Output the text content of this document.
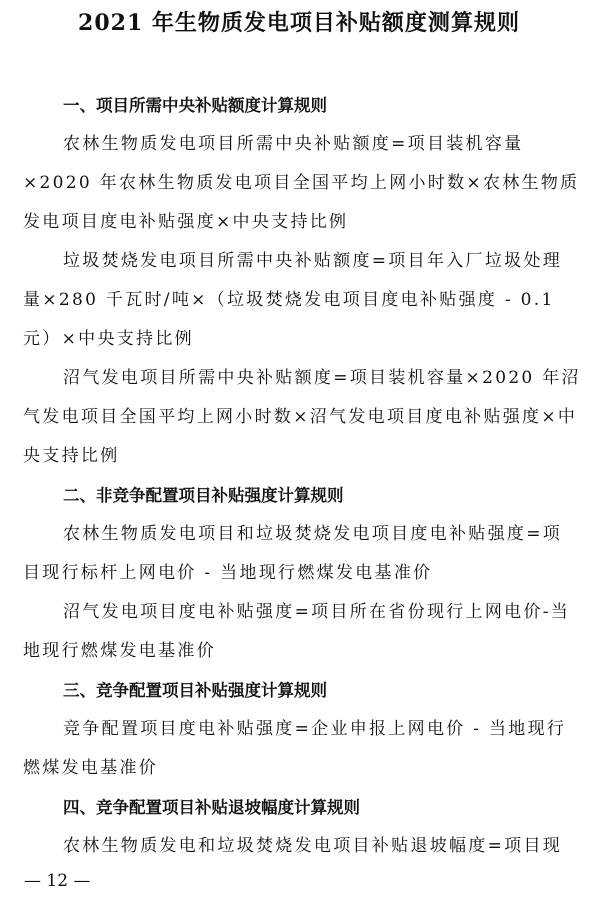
2021 年生物质发电项目补贴额度测算规则
一、项目所需中央补贴额度计算规则

农林生物质发电项目所需中央补贴额度=项目装机容量×2020 年农林生物质发电项目全国平均上网小时数×农林生物质发电项目度电补贴强度×中央支持比例

垃圾焚烧发电项目所需中央补贴额度=项目年入厂垃圾处理量×280 千瓦时/吨×（垃圾焚烧发电项目度电补贴强度 - 0.1 元）×中央支持比例

沼气发电项目所需中央补贴额度=项目装机容量×2020 年沼气发电项目全国平均上网小时数×沼气发电项目度电补贴强度×中央支持比例

二、非竞争配置项目补贴强度计算规则

农林生物质发电项目和垃圾焚烧发电项目度电补贴强度=项目现行标杆上网电价 - 当地现行燃煤发电基准价

沼气发电项目度电补贴强度=项目所在省份现行上网电价-当地现行燃煤发电基准价

三、竞争配置项目补贴强度计算规则

竞争配置项目度电补贴强度=企业申报上网电价 - 当地现行燃煤发电基准价

四、竞争配置项目补贴退坡幅度计算规则

农林生物质发电和垃圾焚烧发电项目补贴退坡幅度=项目现

— 12 —
